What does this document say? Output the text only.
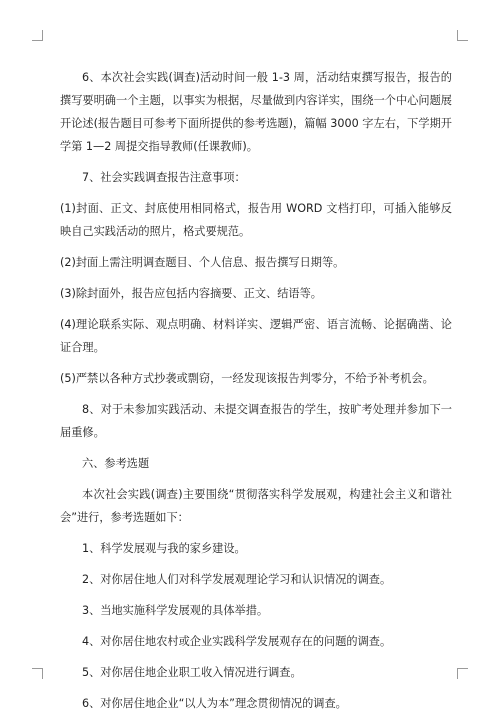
6、本次社会实践(调查)活动时间一般 1-3 周，活动结束撰写报告，报告的撰写要明确一个主题，以事实为根据，尽量做到内容详实，围绕一个中心问题展开论述(报告题目可参考下面所提供的参考选题)，篇幅 3000 字左右，下学期开学第 1—2 周提交指导教师(任课教师)。

7、社会实践调查报告注意事项：

(1)封面、正文、封底使用相同格式，报告用 WORD 文档打印，可插入能够反映自己实践活动的照片，格式要规范。

(2)封面上需注明调查题目、个人信息、报告撰写日期等。

(3)除封面外，报告应包括内容摘要、正文、结语等。

(4)理论联系实际、观点明确、材料详实、逻辑严密、语言流畅、论据确凿、论证合理。

(5)严禁以各种方式抄袭或剽窃，一经发现该报告判零分，不给予补考机会。

8、对于未参加实践活动、未提交调查报告的学生，按旷考处理并参加下一届重修。

六、参考选题

本次社会实践(调查)主要围绕“贯彻落实科学发展观，构建社会主义和谐社会”进行，参考选题如下：

1、科学发展观与我的家乡建设。

2、对你居住地人们对科学发展观理论学习和认识情况的调查。

3、当地实施科学发展观的具体举措。

4、对你居住地农村或企业实践科学发展观存在的问题的调查。

5、对你居住地企业职工收入情况进行调查。

6、对你居住地企业“以人为本”理念贯彻情况的调查。
